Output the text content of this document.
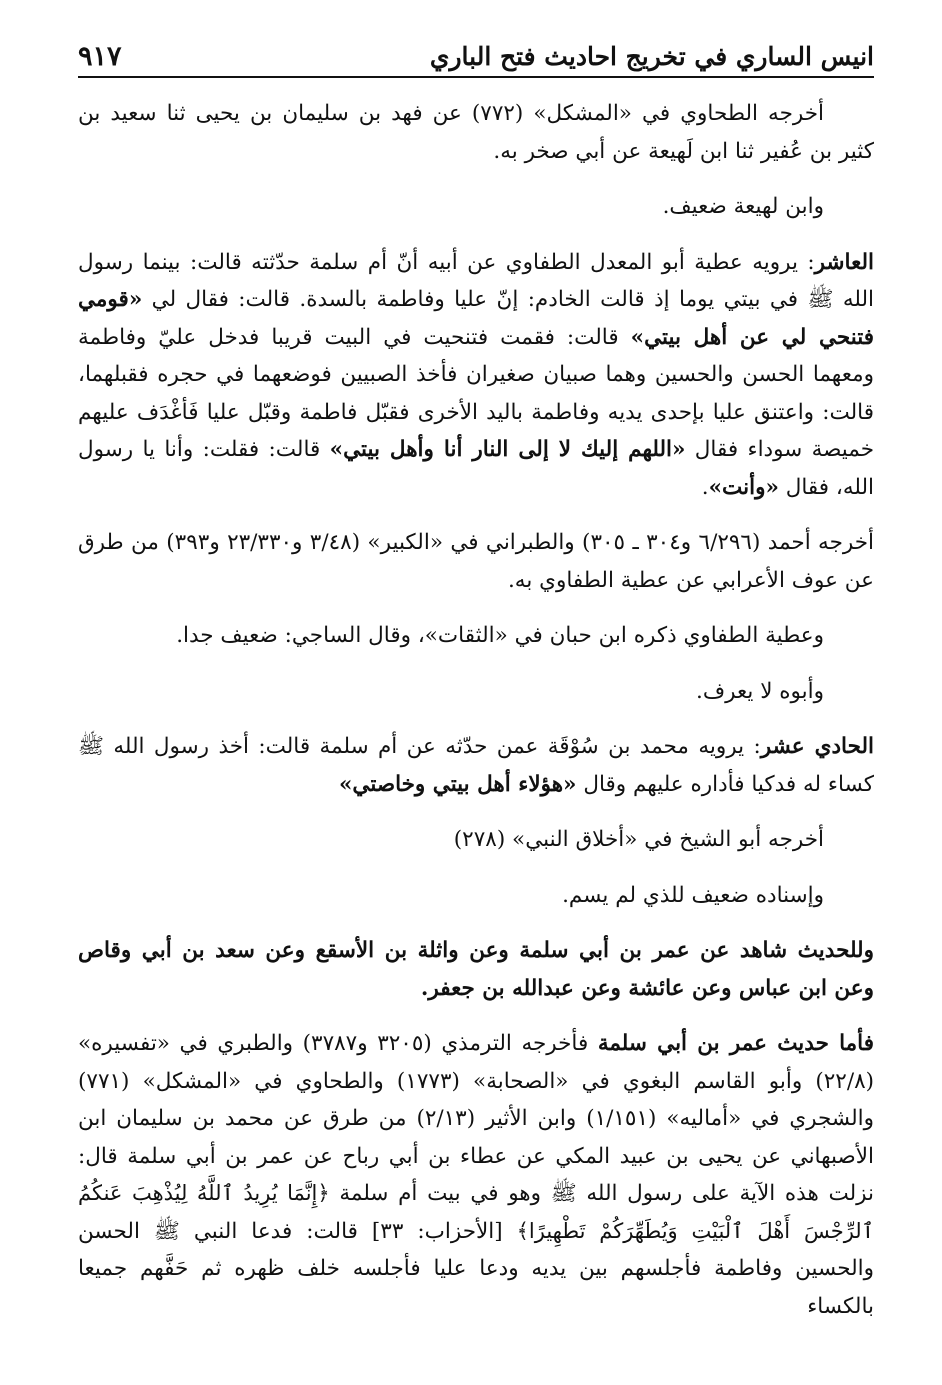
انيس الساري في تخريج احاديث فتح الباري
٩١٧

أخرجه الطحاوي في «المشكل» (٧٧٢) عن فهد بن سليمان بن يحيى ثنا سعيد بن كثير بن عُفير ثنا ابن لَهيعة عن أبي صخر به.

وابن لهيعة ضعيف.

العاشر: يرويه عطية أبو المعدل الطفاوي عن أبيه أنّ أم سلمة حدّثته قالت: بينما رسول الله ﷺ في بيتي يوما إذ قالت الخادم: إنّ عليا وفاطمة بالسدة. قالت: فقال لي «قومي فتنحي لي عن أهل بيتي» قالت: فقمت فتنحيت في البيت قريبا فدخل عليّ وفاطمة ومعهما الحسن والحسين وهما صبيان صغيران فأخذ الصبيين فوضعهما في حجره فقبلهما، قالت: واعتنق عليا بإحدى يديه وفاطمة باليد الأخرى فقبّل فاطمة وقبّل عليا فَأغْدَف عليهم خميصة سوداء فقال «اللهم إليك لا إلى النار أنا وأهل بيتي» قالت: فقلت: وأنا يا رسول الله، فقال «وأنت».

أخرجه أحمد (٦/٢٩٦ و٣٠٤ ـ ٣٠٥) والطبراني في «الكبير» (٣/٤٨ و٢٣/٣٣٠ و٣٩٣) من طرق عن عوف الأعرابي عن عطية الطفاوي به.

وعطية الطفاوي ذكره ابن حبان في «الثقات»، وقال الساجي: ضعيف جدا.

وأبوه لا يعرف.

الحادي عشر: يرويه محمد بن سُوْقَة عمن حدّثه عن أم سلمة قالت: أخذ رسول الله ﷺ كساء له فدكيا فأداره عليهم وقال «هؤلاء أهل بيتي وخاصتي»

أخرجه أبو الشيخ في «أخلاق النبي» (٢٧٨)

وإسناده ضعيف للذي لم يسم.

وللحديث شاهد عن عمر بن أبي سلمة وعن واثلة بن الأسقع وعن سعد بن أبي وقاص وعن ابن عباس وعن عائشة وعن عبدالله بن جعفر.

فأما حديث عمر بن أبي سلمة فأخرجه الترمذي (٣٢٠٥ و٣٧٨٧) والطبري في «تفسيره» (٢٢/٨) وأبو القاسم البغوي في «الصحابة» (١٧٧٣) والطحاوي في «المشكل» (٧٧١) والشجري في «أماليه» (١/١٥١) وابن الأثير (٢/١٣) من طرق عن محمد بن سليمان ابن الأصبهاني عن يحيى بن عبيد المكي عن عطاء بن أبي رباح عن عمر بن أبي سلمة قال: نزلت هذه الآية على رسول الله ﷺ وهو في بيت أم سلمة ﴿إِنَّمَا يُرِيدُ ٱللَّهُ لِيُذْهِبَ عَنكُمُ ٱلرِّجْسَ أَهْلَ ٱلْبَيْتِ وَيُطَهِّرَكُمْ تَطْهِيرًا﴾ [الأحزاب: ٣٣] قالت: فدعا النبي ﷺ الحسن والحسين وفاطمة فأجلسهم بين يديه ودعا عليا فأجلسه خلف ظهره ثم حَفَّهم جميعا بالكساء
